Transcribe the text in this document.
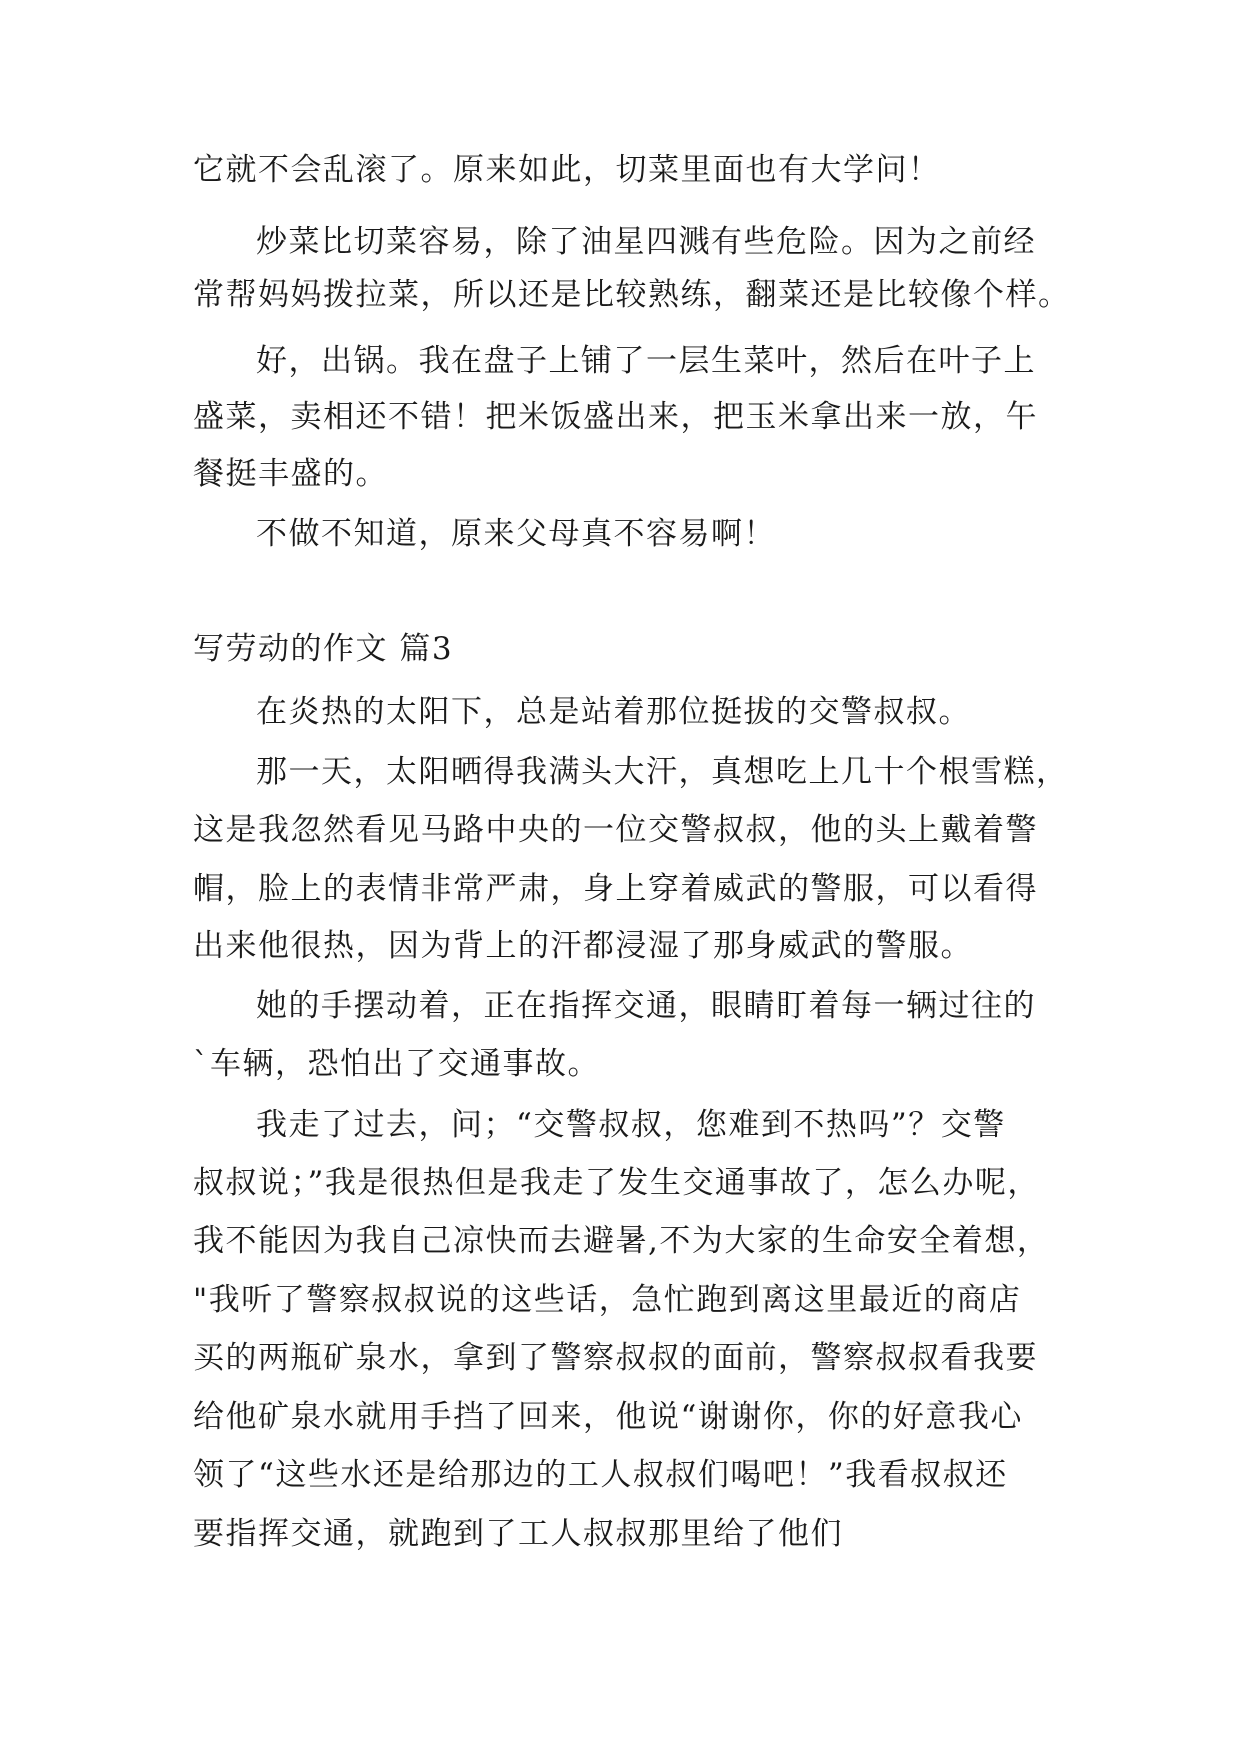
它就不会乱滚了。原来如此，切菜里面也有大学问！
炒菜比切菜容易，除了油星四溅有些危险。因为之前经
常帮妈妈拨拉菜，所以还是比较熟练，翻菜还是比较像个样。
好，出锅。我在盘子上铺了一层生菜叶，然后在叶子上
盛菜，卖相还不错！把米饭盛出来，把玉米拿出来一放，午
餐挺丰盛的。
不做不知道，原来父母真不容易啊！
写劳动的作文 篇3
在炎热的太阳下，总是站着那位挺拔的交警叔叔。
那一天，太阳晒得我满头大汗，真想吃上几十个根雪糕，
这是我忽然看见马路中央的一位交警叔叔，他的头上戴着警
帽，脸上的表情非常严肃，身上穿着威武的警服，可以看得
出来他很热，因为背上的汗都浸湿了那身威武的警服。
她的手摆动着，正在指挥交通，眼睛盯着每一辆过往的
`车辆，恐怕出了交通事故。
我走了过去，问；“交警叔叔，您难到不热吗”？交警
叔叔说；”我是很热但是我走了发生交通事故了，怎么办呢，
我不能因为我自己凉快而去避暑,不为大家的生命安全着想，
"我听了警察叔叔说的这些话，急忙跑到离这里最近的商店
买的两瓶矿泉水，拿到了警察叔叔的面前，警察叔叔看我要
给他矿泉水就用手挡了回来，他说“谢谢你，你的好意我心
领了“这些水还是给那边的工人叔叔们喝吧！”我看叔叔还
要指挥交通，就跑到了工人叔叔那里给了他们
